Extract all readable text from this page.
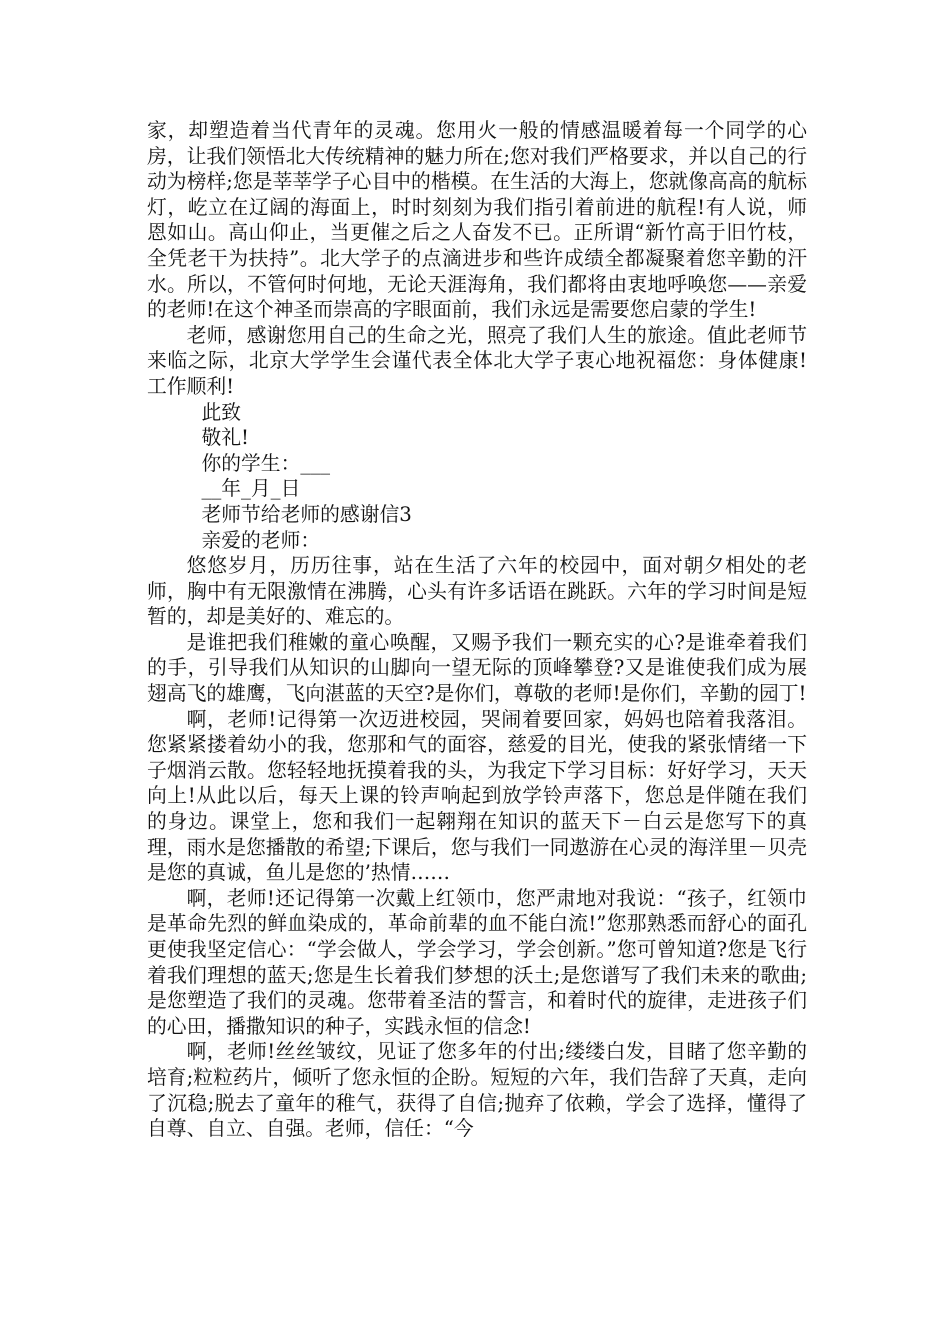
家，却塑造着当代青年的灵魂。您用火一般的情感温暖着每一个同学的心房，让我们领悟北大传统精神的魅力所在;您对我们严格要求，并以自己的行动为榜样;您是莘莘学子心目中的楷模。在生活的大海上，您就像高高的航标灯，屹立在辽阔的海面上，时时刻刻为我们指引着前进的航程!有人说，师恩如山。高山仰止，当更催之后之人奋发不已。正所谓“新竹高于旧竹枝，全凭老干为扶持”。北大学子的点滴进步和些许成绩全都凝聚着您辛勤的汗水。所以，不管何时何地，无论天涯海角，我们都将由衷地呼唤您——亲爱的老师!在这个神圣而崇高的字眼面前，我们永远是需要您启蒙的学生!

老师，感谢您用自己的生命之光，照亮了我们人生的旅途。值此老师节来临之际，北京大学学生会谨代表全体北大学子衷心地祝福您：身体健康!工作顺利!

此致

敬礼!

你的学生：___

__年_月_日

老师节给老师的感谢信3

亲爱的老师：

悠悠岁月，历历往事，站在生活了六年的校园中，面对朝夕相处的老师，胸中有无限激情在沸腾，心头有许多话语在跳跃。六年的学习时间是短暂的，却是美好的、难忘的。

是谁把我们稚嫩的童心唤醒，又赐予我们一颗充实的心?是谁牵着我们的手，引导我们从知识的山脚向一望无际的顶峰攀登?又是谁使我们成为展翅高飞的雄鹰，飞向湛蓝的天空?是你们，尊敬的老师!是你们，辛勤的园丁!

啊，老师!记得第一次迈进校园，哭闹着要回家，妈妈也陪着我落泪。您紧紧搂着幼小的我，您那和气的面容，慈爱的目光，使我的紧张情绪一下子烟消云散。您轻轻地抚摸着我的头，为我定下学习目标：好好学习，天天向上!从此以后，每天上课的铃声响起到放学铃声落下，您总是伴随在我们的身边。课堂上，您和我们一起翱翔在知识的蓝天下－白云是您写下的真理，雨水是您播散的希望;下课后，您与我们一同遨游在心灵的海洋里－贝壳是您的真诚，鱼儿是您的’热情……

啊，老师!还记得第一次戴上红领巾，您严肃地对我说：“孩子，红领巾是革命先烈的鲜血染成的，革命前辈的血不能白流!”您那熟悉而舒心的面孔更使我坚定信心：“学会做人，学会学习，学会创新。”您可曾知道?您是飞行着我们理想的蓝天;您是生长着我们梦想的沃土;是您谱写了我们未来的歌曲;是您塑造了我们的灵魂。您带着圣洁的誓言，和着时代的旋律，走进孩子们的心田，播撒知识的种子，实践永恒的信念!

啊，老师!丝丝皱纹，见证了您多年的付出;缕缕白发，目睹了您辛勤的培育;粒粒药片，倾听了您永恒的企盼。短短的六年，我们告辞了天真，走向了沉稳;脱去了童年的稚气，获得了自信;抛弃了依赖，学会了选择，懂得了自尊、自立、自强。老师，信任：“今
